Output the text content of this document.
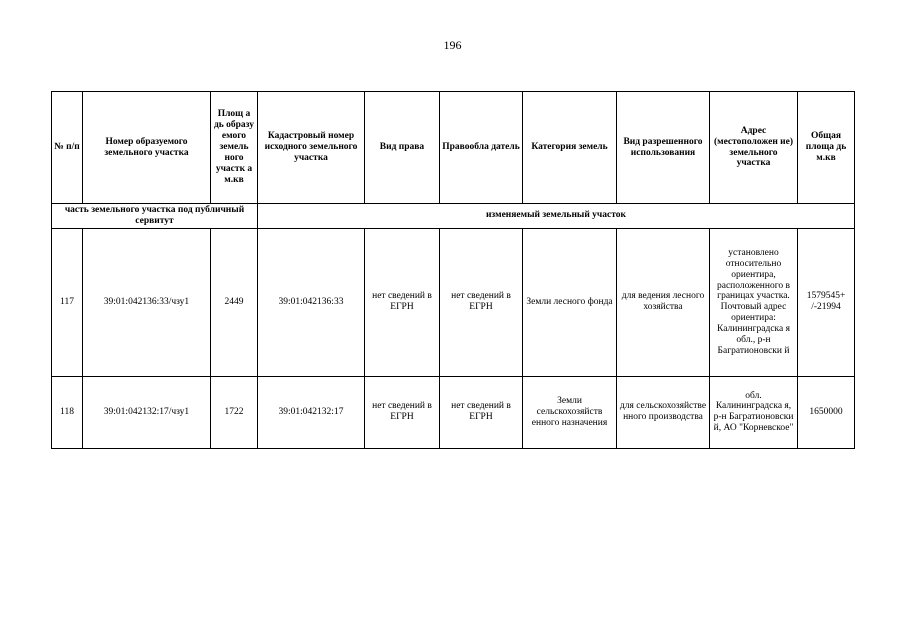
196
№ п/п	Номер образуемого земельного участка	Площ а дь образу емого земель ного участк а м.кв	Кадастровый номер исходного земельного участка	Вид права	Правообла датель	Категория земель	Вид разрешенного использования	Адрес (местоположен ие) земельного участка	Общая площа дь м.кв
часть земельного участка под публичный сервитут			изменяемый земельный участок						
117	39:01:042136:33/чзу1	2449	39:01:042136:33	нет сведений в ЕГРН	нет сведений в ЕГРН	Земли лесного фонда	для ведения лесного хозяйства	установлено относительно ориентира, расположенного в границах участка. Почтовый адрес ориентира: Калининградска я обл., р-н Багратионовски й	1579545+ /-21994
118	39:01:042132:17/чзу1	1722	39:01:042132:17	нет сведений в ЕГРН	нет сведений в ЕГРН	Земли сельскохозяйств енного назначения	для сельскохозяйстве нного производства	обл. Калининградска я, р-н Багратионовски й, АО "Корневское"	1650000
